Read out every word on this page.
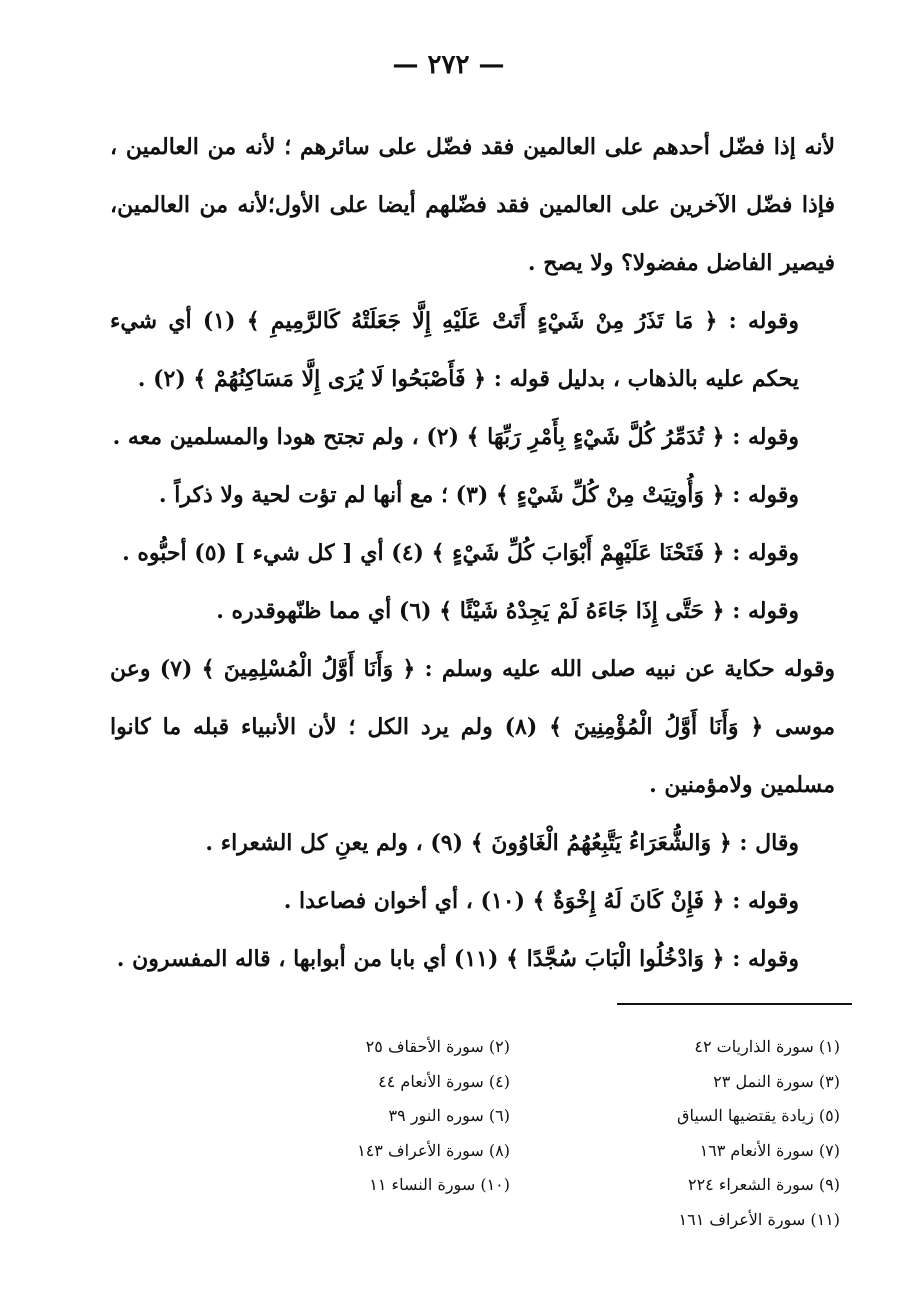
— ٢٧٢ —

لأنه إذا فضّل أحدهم على العالمين فقد فضّل على سائرهم ؛ لأنه من العالمين ، فإذا فضّل الآخرين على العالمين فقد فضّلهم أيضا على الأول؛لأنه من العالمين، فيصير الفاضل مفضولا؟ ولا يصح .

وقوله : ﴿ مَا تَذَرُ مِنْ شَيْءٍ أَتَتْ عَلَيْهِ إِلَّا جَعَلَتْهُ كَالرَّمِيمِ ﴾ (١) أي شيء يحكم عليه بالذهاب ، بدليل قوله : ﴿ فَأَصْبَحُوا لَا يُرَى إِلَّا مَسَاكِنُهُمْ ﴾ (٢) .

وقوله : ﴿ تُدَمِّرُ كُلَّ شَيْءٍ بِأَمْرِ رَبِّهَا ﴾ (٢) ، ولم تجتح هودا والمسلمين معه .

وقوله : ﴿ وَأُوتِيَتْ مِنْ كُلِّ شَيْءٍ ﴾ (٣) ؛ مع أنها لم تؤت لحية ولا ذكراً .

وقوله : ﴿ فَتَحْنَا عَلَيْهِمْ أَبْوَابَ كُلِّ شَيْءٍ ﴾ (٤) أي [ كل شيء ] (٥) أحبُّوه .

وقوله : ﴿ حَتَّى إِذَا جَاءَهُ لَمْ يَجِدْهُ شَيْئًا ﴾ (٦) أي مما ظنّهوقدره .

وقوله حكاية عن نبيه صلى الله عليه وسلم : ﴿ وَأَنَا أَوَّلُ الْمُسْلِمِينَ ﴾ (٧) وعن موسى ﴿ وَأَنَا أَوَّلُ الْمُؤْمِنِينَ ﴾ (٨) ولم يرد الكل ؛ لأن الأنبياء قبله ما كانوا مسلمين ولامؤمنين .

وقال : ﴿ وَالشُّعَرَاءُ يَتَّبِعُهُمُ الْغَاوُونَ ﴾ (٩) ، ولم يعنِ كل الشعراء .

وقوله : ﴿ فَإِنْ كَانَ لَهُ إِخْوَةٌ ﴾ (١٠) ، أي أخوان فصاعدا .

وقوله : ﴿ وَادْخُلُوا الْبَابَ سُجَّدًا ﴾ (١١) أي بابا من أبوابها ، قاله المفسرون .

(١) سورة الذاريات ٤٢

(٣) سورة النمل ٢٣

(٥) زيادة يقتضيها السياق

(٧) سورة الأنعام ١٦٣

(٩) سورة الشعراء ٢٢٤

(١١) سورة الأعراف ١٦١

(٢) سورة الأحقاف ٢٥

(٤) سورة الأنعام ٤٤

(٦) سوره النور ٣٩

(٨) سورة الأعراف ١٤٣

(١٠) سورة النساء ١١
